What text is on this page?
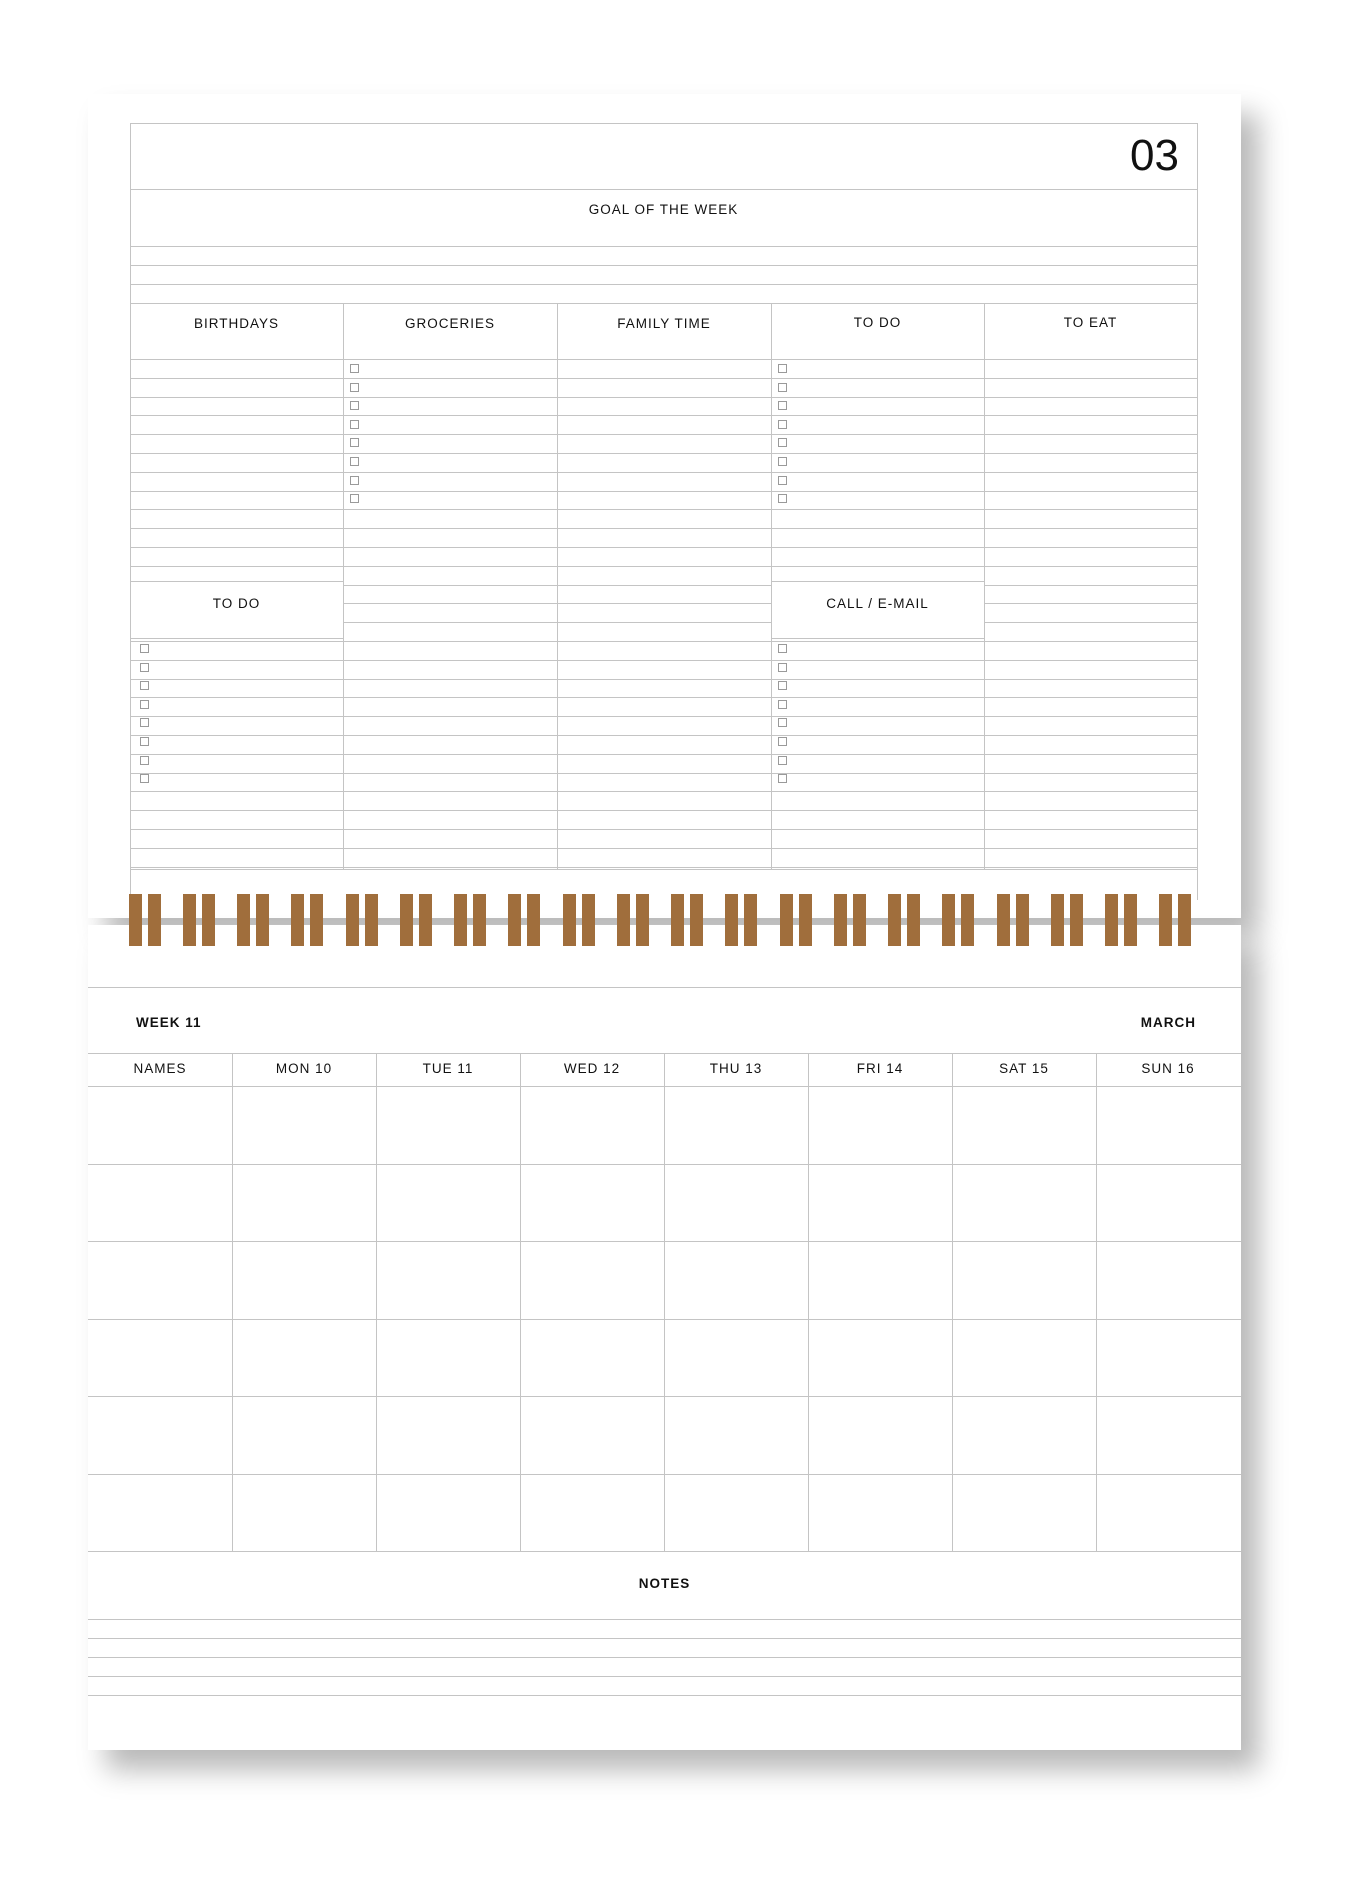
03
GOAL OF THE WEEK
BIRTHDAYS	GROCERIES	FAMILY TIME	TO DO	TO EAT
TO DO	CALL / E-MAIL
WEEK 11	MARCH
NAMES	MON 10	TUE 11	WED 12	THU 13	FRI 14	SAT 15	SUN 16
NOTES
